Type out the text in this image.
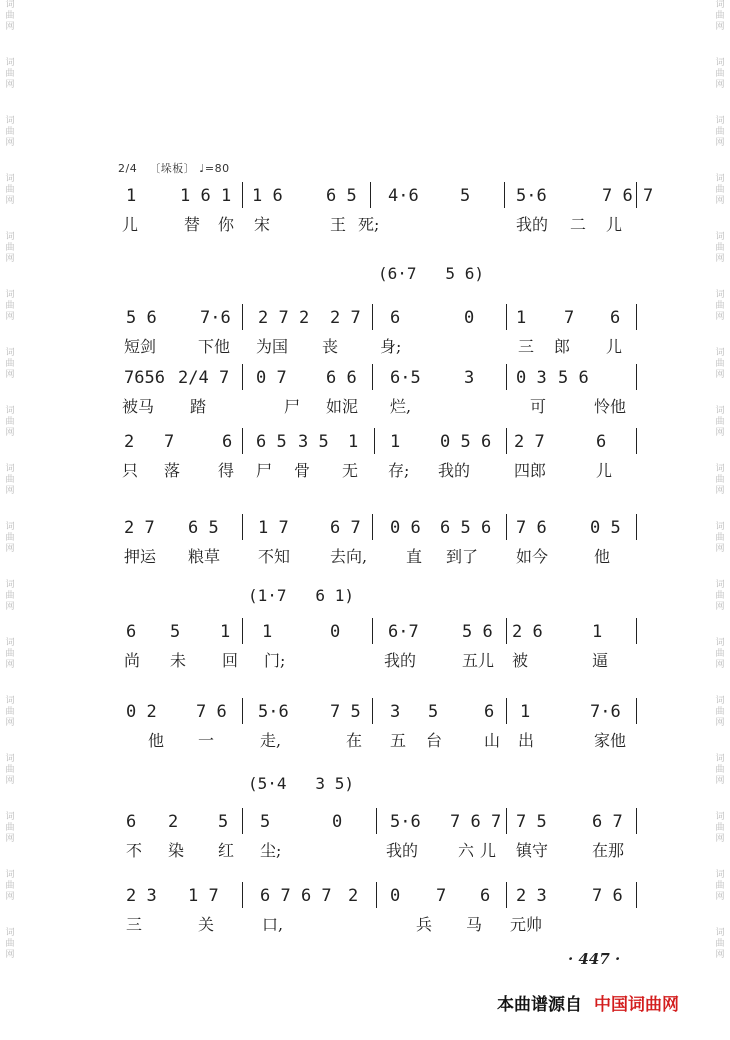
词
曲
网
词
曲
网
词
曲
网
词
曲
网
词
曲
网
词
曲
网
词
曲
网
词
曲
网
词
曲
网
词
曲
网
词
曲
网
词
曲
网
词
曲
网
词
曲
网
词
曲
网
词
曲
网
词
曲
网
词
曲
网
词
曲
网
词
曲
网
词
曲
网
词
曲
网
词
曲
网
词
曲
网
词
曲
网
词
曲
网
词
曲
网
词
曲
网
词
曲
网
词
曲
网
词
曲
网
词
曲
网
词
曲
网
词
曲
网
2/4 〔垛板〕 ♩=80
(6·7   5 6)
(1·7   6 1)
(5·4   3 5)
1	1 6 1 1 6	6 5 4·6 5	5·6	7 6 7
儿	替 你 宋	王 死;	我的 二 儿
5 6	7·6 2 7 2 2 7 6	0 1 7 6
短剑	下他 为国 丧	身;	三 郎 儿
7656 2/4 7 0 7 6 6 6·5	3 0 3 5 6
被马 踏	尸 如泥 烂,	可	怜他
2 7	6 6 5 3 5 1 1 0 5 6 2 7	6
只 落 得 尸 骨 无 存; 我的	四郎	儿
2 7 6 5 1 7 6 7 0 6 6 5 6 7 6	0 5
押运 粮草 不知 去向, 直 到了 如今	他
6 5 1 1	0	6·7	5 6 2 6	1
尚 未 回 门;	我的	五儿 被	逼
0 2 7 6 5·6 7 5 3 5	6 1	7·6
他 一	走,	在 五 台	山 出	家他
6 2 5 5	0	5·6 7 6 7 7 5	6 7
不 染 红 尘;	我的 六 儿 镇守	在那
2 3 1 7 6 7 6 7 2 0 7 6 2 3	7 6
三	关	口,	兵 马 元帅
· 447 ·
本曲谱源自 中国词曲网
